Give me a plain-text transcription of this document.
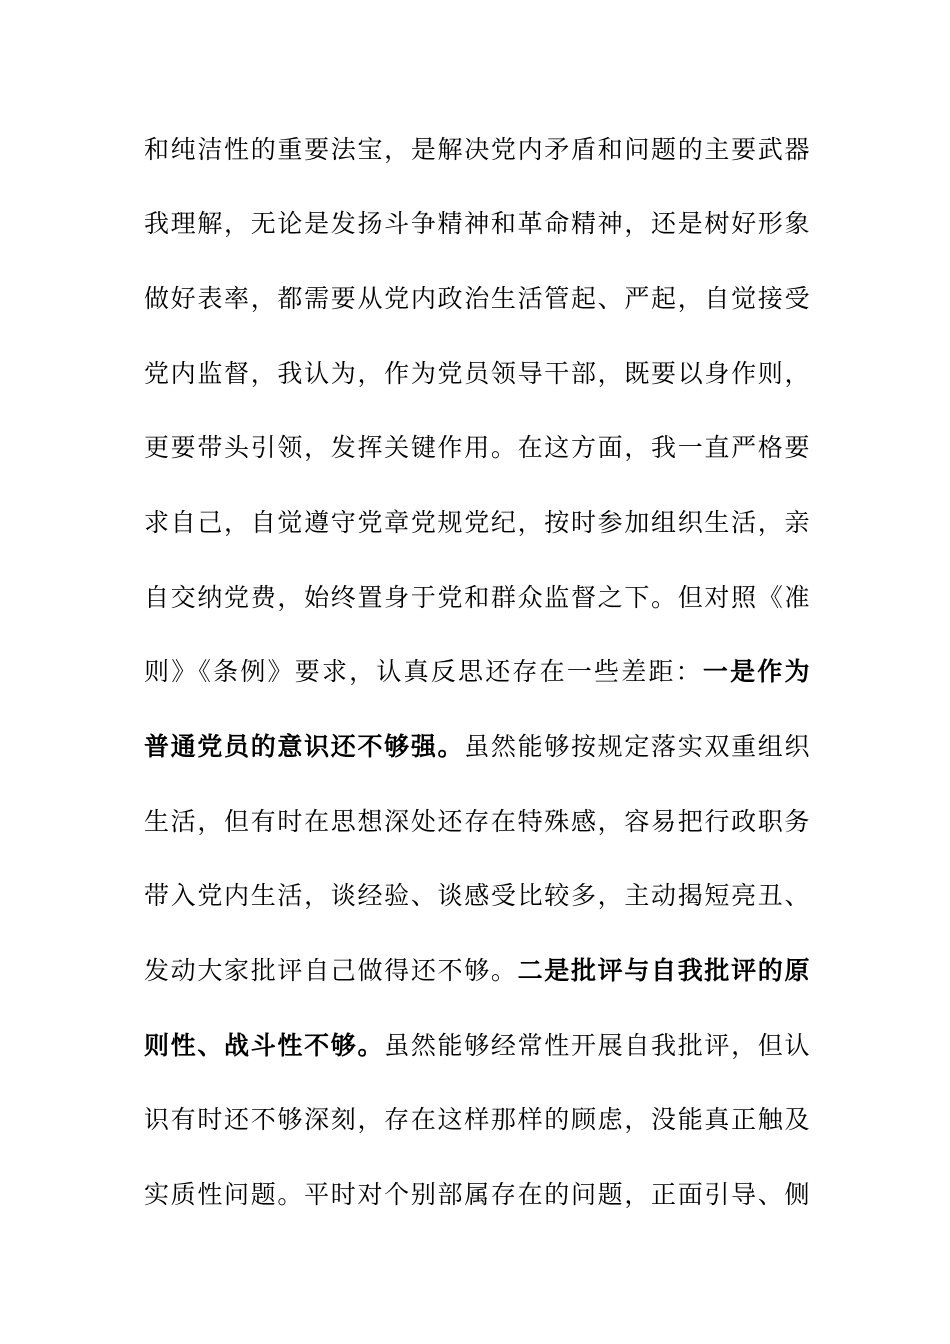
和纯洁性的重要法宝，是解决党内矛盾和问题的主要武器
我理解，无论是发扬斗争精神和革命精神，还是树好形象
做好表率，都需要从党内政治生活管起、严起，自觉接受
党内监督，我认为，作为党员领导干部，既要以身作则，
更要带头引领，发挥关键作用。在这方面，我一直严格要
求自己，自觉遵守党章党规党纪，按时参加组织生活，亲
自交纳党费，始终置身于党和群众监督之下。但对照《准
则》《条例》要求，认真反思还存在一些差距：一是作为
普通党员的意识还不够强。虽然能够按规定落实双重组织
生活，但有时在思想深处还存在特殊感，容易把行政职务
带入党内生活，谈经验、谈感受比较多，主动揭短亮丑、
发动大家批评自己做得还不够。二是批评与自我批评的原
则性、战斗性不够。虽然能够经常性开展自我批评，但认
识有时还不够深刻，存在这样那样的顾虑，没能真正触及
实质性问题。平时对个别部属存在的问题，正面引导、侧
